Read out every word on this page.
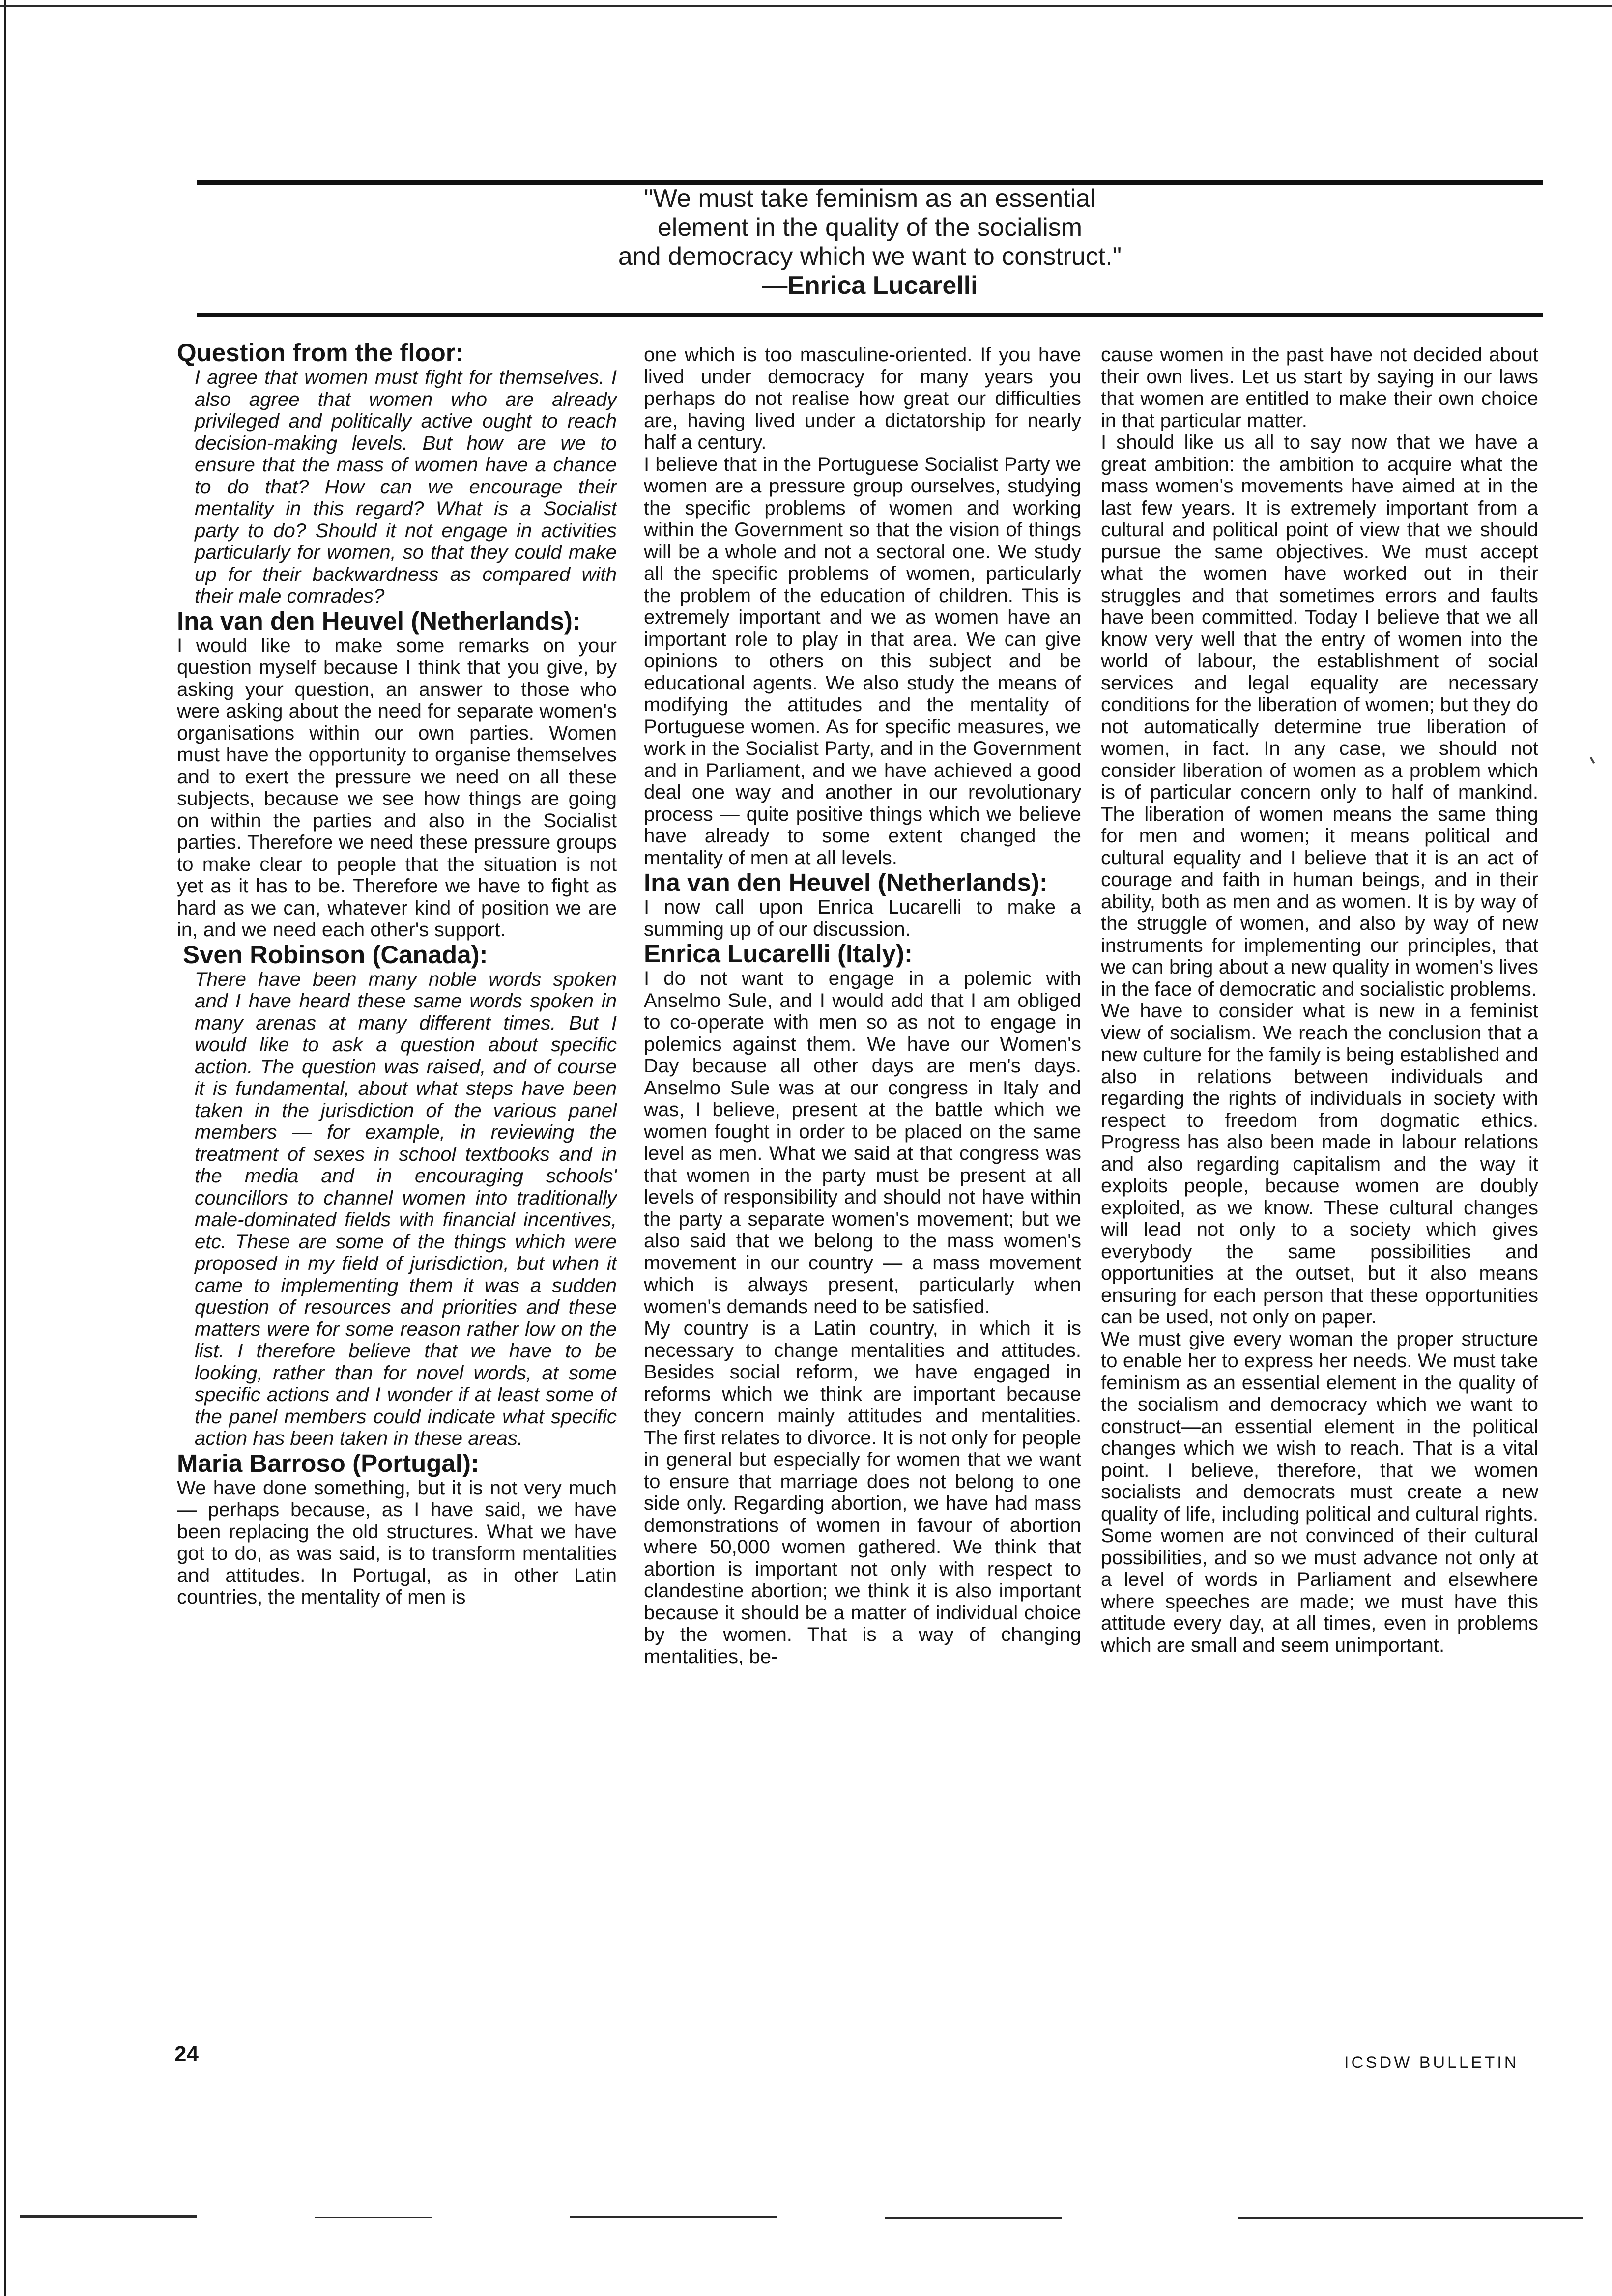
"We must take feminism as an essential
element in the quality of the socialism
and democracy which we want to construct."
—Enrica Lucarelli

Question from the floor:

I agree that women must fight for themselves. I also agree that women who are already privileged and politically active ought to reach decision-making levels. But how are we to ensure that the mass of women have a chance to do that? How can we encourage their mentality in this regard? What is a Socialist party to do? Should it not engage in activities particularly for women, so that they could make up for their backwardness as compared with their male comrades?

Ina van den Heuvel (Netherlands):

I would like to make some remarks on your question myself because I think that you give, by asking your question, an answer to those who were asking about the need for separate women's organisations within our own parties. Women must have the opportunity to organise themselves and to exert the pressure we need on all these subjects, because we see how things are going on within the parties and also in the Socialist parties. Therefore we need these pressure groups to make clear to people that the situation is not yet as it has to be. Therefore we have to fight as hard as we can, whatever kind of position we are in, and we need each other's support.

Sven Robinson (Canada):

There have been many noble words spoken and I have heard these same words spoken in many arenas at many different times. But I would like to ask a question about specific action. The question was raised, and of course it is fundamental, about what steps have been taken in the jurisdiction of the various panel members — for example, in reviewing the treatment of sexes in school textbooks and in the media and in encouraging schools' councillors to channel women into traditionally male-dominated fields with financial incentives, etc. These are some of the things which were proposed in my field of jurisdiction, but when it came to implementing them it was a sudden question of resources and priorities and these matters were for some reason rather low on the list. I therefore believe that we have to be looking, rather than for novel words, at some specific actions and I wonder if at least some of the panel members could indicate what specific action has been taken in these areas.

Maria Barroso (Portugal):

We have done something, but it is not very much — perhaps because, as I have said, we have been replacing the old structures. What we have got to do, as was said, is to transform mentalities and attitudes. In Portugal, as in other Latin countries, the mentality of men is

one which is too masculine-oriented. If you have lived under democracy for many years you perhaps do not realise how great our difficulties are, having lived under a dictatorship for nearly half a century.

I believe that in the Portuguese Socialist Party we women are a pressure group ourselves, studying the specific problems of women and working within the Government so that the vision of things will be a whole and not a sectoral one. We study all the specific problems of women, particularly the problem of the education of children. This is extremely important and we as women have an important role to play in that area. We can give opinions to others on this subject and be educational agents. We also study the means of modifying the attitudes and the mentality of Portuguese women. As for specific measures, we work in the Socialist Party, and in the Government and in Parliament, and we have achieved a good deal one way and another in our revolutionary process — quite positive things which we believe have already to some extent changed the mentality of men at all levels.

Ina van den Heuvel (Netherlands):

I now call upon Enrica Lucarelli to make a summing up of our discussion.

Enrica Lucarelli (Italy):

I do not want to engage in a polemic with Anselmo Sule, and I would add that I am obliged to co-operate with men so as not to engage in polemics against them. We have our Women's Day because all other days are men's days. Anselmo Sule was at our congress in Italy and was, I believe, present at the battle which we women fought in order to be placed on the same level as men. What we said at that congress was that women in the party must be present at all levels of responsibility and should not have within the party a separate women's movement; but we also said that we belong to the mass women's movement in our country — a mass movement which is always present, particularly when women's demands need to be satisfied.

My country is a Latin country, in which it is necessary to change mentalities and attitudes. Besides social reform, we have engaged in reforms which we think are important because they concern mainly attitudes and mentalities. The first relates to divorce. It is not only for people in general but especially for women that we want to ensure that marriage does not belong to one side only. Regarding abortion, we have had mass demonstrations of women in favour of abortion where 50,000 women gathered. We think that abortion is important not only with respect to clandestine abortion; we think it is also important because it should be a matter of individual choice by the women. That is a way of changing mentalities, be-

cause women in the past have not decided about their own lives. Let us start by saying in our laws that women are entitled to make their own choice in that particular matter.

I should like us all to say now that we have a great ambition: the ambition to acquire what the mass women's movements have aimed at in the last few years. It is extremely important from a cultural and political point of view that we should pursue the same objectives. We must accept what the women have worked out in their struggles and that sometimes errors and faults have been committed. Today I believe that we all know very well that the entry of women into the world of labour, the establishment of social services and legal equality are necessary conditions for the liberation of women; but they do not automatically determine true liberation of women, in fact. In any case, we should not consider liberation of women as a problem which is of particular concern only to half of mankind. The liberation of women means the same thing for men and women; it means political and cultural equality and I believe that it is an act of courage and faith in human beings, and in their ability, both as men and as women. It is by way of the struggle of women, and also by way of new instruments for implementing our principles, that we can bring about a new quality in women's lives in the face of democratic and socialistic problems.

We have to consider what is new in a feminist view of socialism. We reach the conclusion that a new culture for the family is being established and also in relations between individuals and regarding the rights of individuals in society with respect to freedom from dogmatic ethics. Progress has also been made in labour relations and also regarding capitalism and the way it exploits people, because women are doubly exploited, as we know. These cultural changes will lead not only to a society which gives everybody the same possibilities and opportunities at the outset, but it also means ensuring for each person that these opportunities can be used, not only on paper.

We must give every woman the proper structure to enable her to express her needs. We must take feminism as an essential element in the quality of the socialism and democracy which we want to construct—an essential element in the political changes which we wish to reach. That is a vital point. I believe, therefore, that we women socialists and democrats must create a new quality of life, including political and cultural rights. Some women are not convinced of their cultural possibilities, and so we must advance not only at a level of words in Parliament and elsewhere where speeches are made; we must have this attitude every day, at all times, even in problems which are small and seem unimportant.

24	ICSDW BULLETIN
